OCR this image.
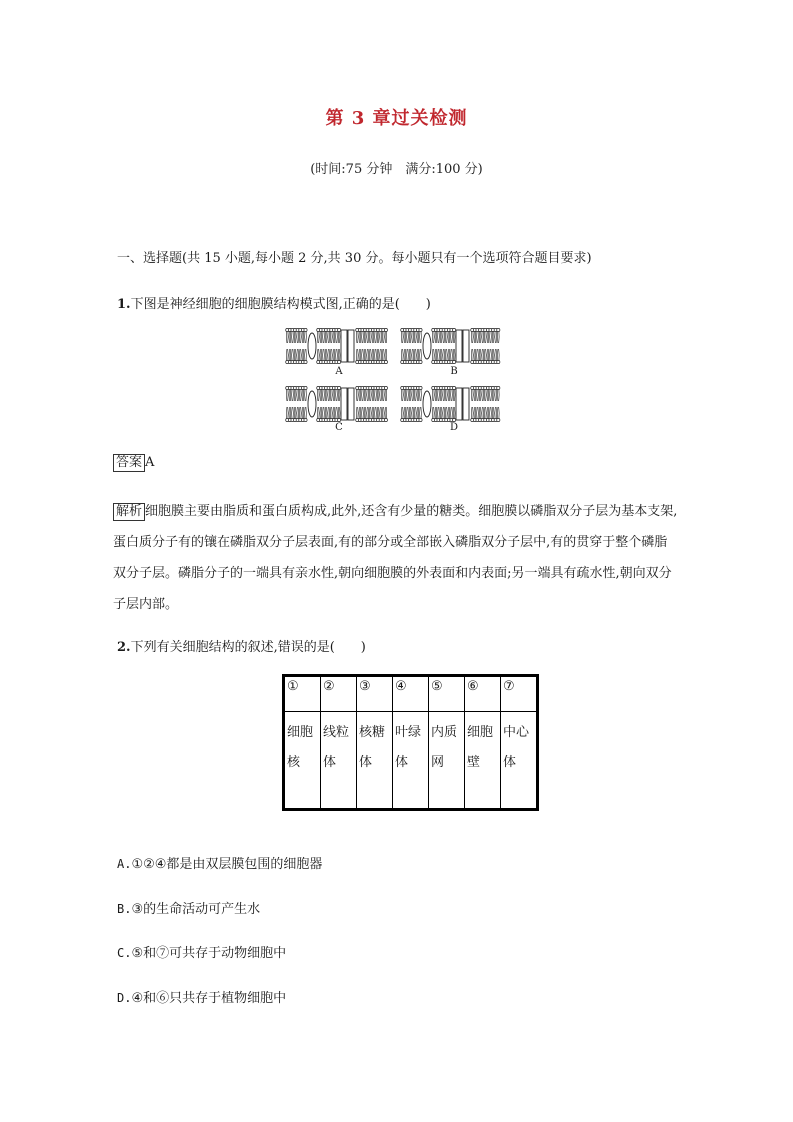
第 3 章过关检测
(时间:75 分钟　满分:100 分)
一、选择题(共 15 小题,每小题 2 分,共 30 分。每小题只有一个选项符合题目要求)
1.下图是神经细胞的细胞膜结构模式图,正确的是(　　)
A	B
C	D
答案 A

解析 细胞膜主要由脂质和蛋白质构成,此外,还含有少量的糖类。细胞膜以磷脂双分子层为基本支架,蛋白质分子有的镶在磷脂双分子层表面,有的部分或全部嵌入磷脂双分子层中,有的贯穿于整个磷脂双分子层。磷脂分子的一端具有亲水性,朝向细胞膜的外表面和内表面;另一端具有疏水性,朝向双分子层内部。

2.下列有关细胞结构的叙述,错误的是(　　)
①	②	③	④	⑤	⑥	⑦
细胞核	线粒体	核糖体	叶绿体	内质网	细胞壁	中心体
A.①②④都是由双层膜包围的细胞器
B.③的生命活动可产生水
C.⑤和⑦可共存于动物细胞中
D.④和⑥只共存于植物细胞中
